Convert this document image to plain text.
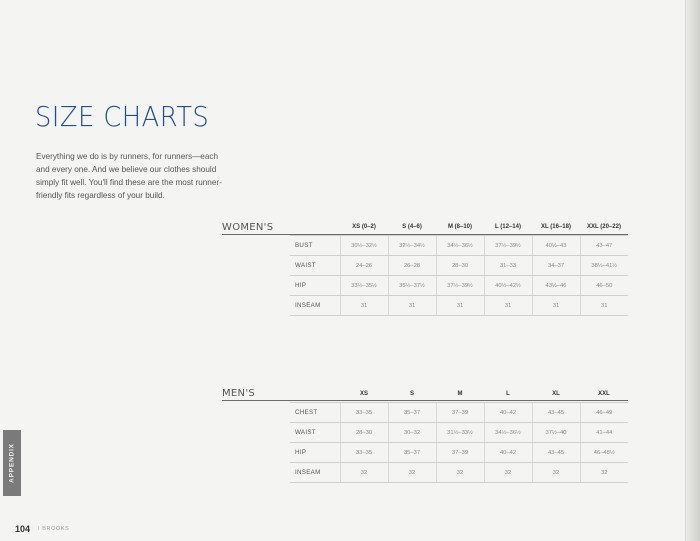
SIZE CHARTS
Everything we do is by runners, for runners—each and every one. And we believe our clothes should simply fit well. You'll find these are the most runner-friendly fits regardless of your build.
WOMEN'S
		XS (0–2)	S (4–6)	M (8–10)	L (12–14)	XL (16–18)	XXL (20–22)
BUST	30½–32½	32½–34½	34½–36½	37½–39½	40½–43	43–47
WAIST	24–26	26–28	28–30	31–33	34–37	38½–41½
HIP	33½–35½	35½–37½	37½–39½	40½–42½	43½–46	46–50
INSEAM	31	31	31	31	31	31
MEN'S
		XS	S	M	L	XL	XXL
CHEST	33–35	35–37	37–39	40–42	43–45	46–49
WAIST	28–30	30–32	31½–33½	34½–36½	37½–40	41–44
HIP	33–35	35–37	37–39	40–42	43–45	46–48½
INSEAM	32	32	32	32	32	32
APPENDIX
104 I BROOKS
